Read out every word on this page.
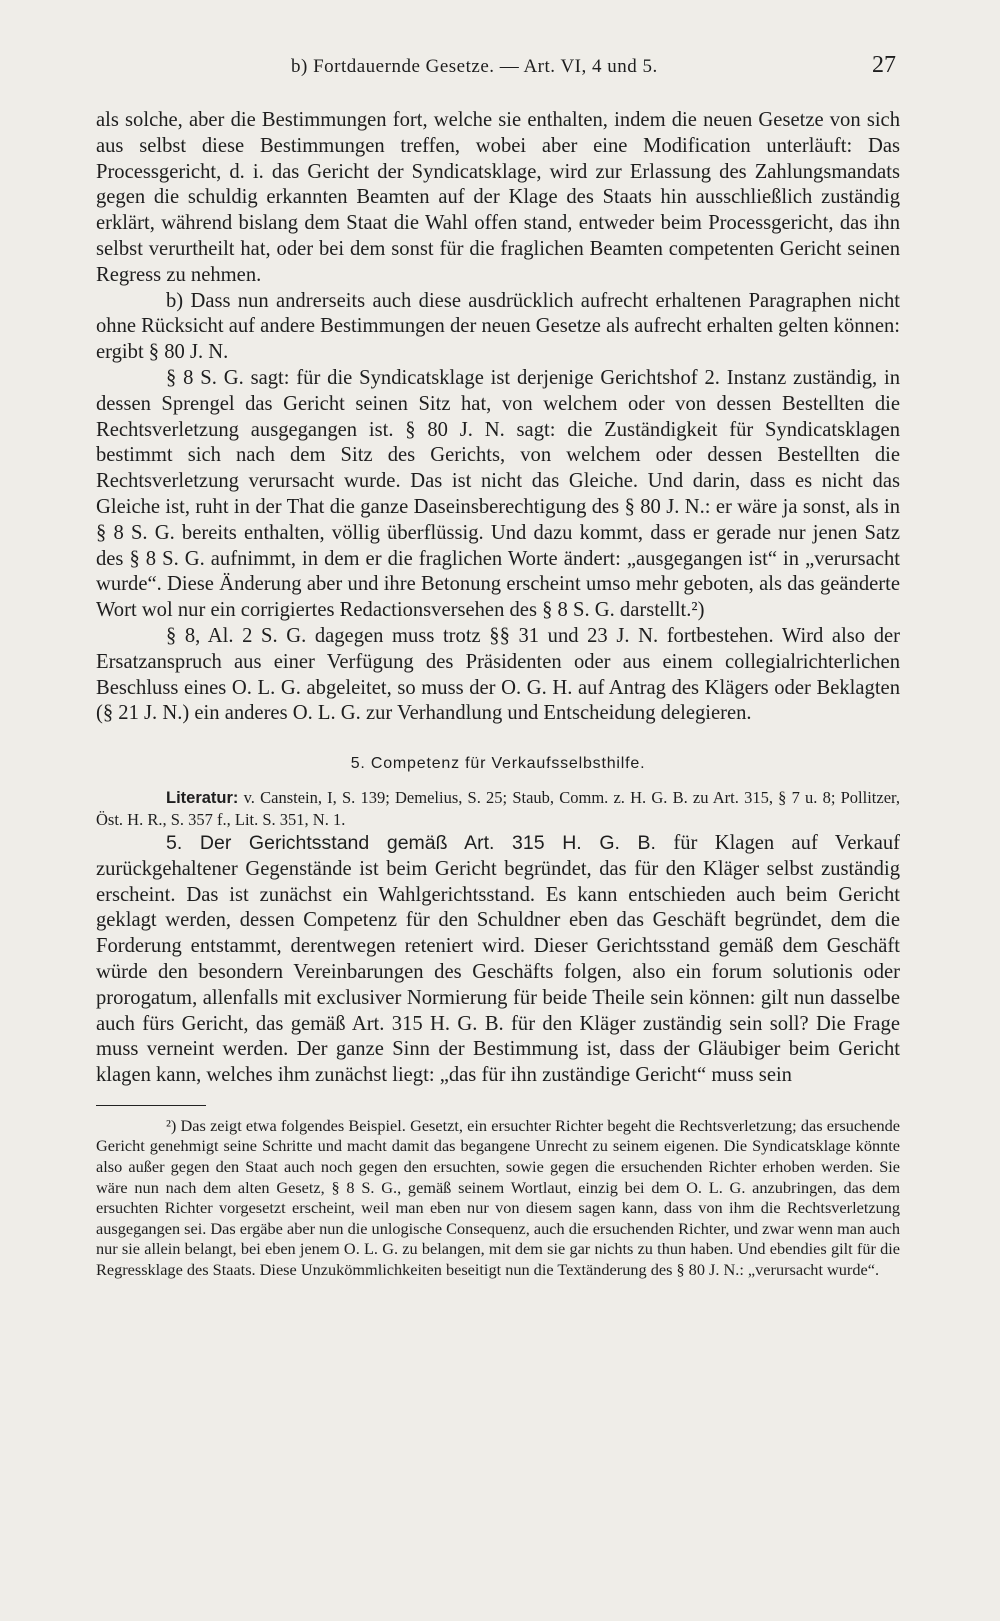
b) Fortdauernde Gesetze. — Art. VI, 4 und 5.	27

als solche, aber die Bestimmungen fort, welche sie enthalten, indem die neuen Gesetze von sich aus selbst diese Bestimmungen treffen, wobei aber eine Modification unterläuft: Das Processgericht, d. i. das Gericht der Syndicatsklage, wird zur Erlassung des Zahlungsmandats gegen die schuldig erkannten Beamten auf der Klage des Staats hin ausschließlich zuständig erklärt, während bislang dem Staat die Wahl offen stand, entweder beim Processgericht, das ihn selbst verurtheilt hat, oder bei dem sonst für die fraglichen Beamten competenten Gericht seinen Regress zu nehmen.

b) Dass nun andrerseits auch diese ausdrücklich aufrecht erhaltenen Paragraphen nicht ohne Rücksicht auf andere Bestimmungen der neuen Gesetze als aufrecht erhalten gelten können: ergibt § 80 J. N.

§ 8 S. G. sagt: für die Syndicatsklage ist derjenige Gerichtshof 2. Instanz zuständig, in dessen Sprengel das Gericht seinen Sitz hat, von welchem oder von dessen Bestellten die Rechtsverletzung ausgegangen ist. § 80 J. N. sagt: die Zuständigkeit für Syndicatsklagen bestimmt sich nach dem Sitz des Gerichts, von welchem oder dessen Bestellten die Rechtsverletzung verursacht wurde. Das ist nicht das Gleiche. Und darin, dass es nicht das Gleiche ist, ruht in der That die ganze Daseinsberechtigung des § 80 J. N.: er wäre ja sonst, als in § 8 S. G. bereits enthalten, völlig überflüssig. Und dazu kommt, dass er gerade nur jenen Satz des § 8 S. G. aufnimmt, in dem er die fraglichen Worte ändert: „ausgegangen ist“ in „verursacht wurde“. Diese Änderung aber und ihre Betonung erscheint umso mehr geboten, als das geänderte Wort wol nur ein corrigiertes Redactionsversehen des § 8 S. G. darstellt.²)

§ 8, Al. 2 S. G. dagegen muss trotz §§ 31 und 23 J. N. fortbestehen. Wird also der Ersatzanspruch aus einer Verfügung des Präsidenten oder aus einem collegialrichterlichen Beschluss eines O. L. G. abgeleitet, so muss der O. G. H. auf Antrag des Klägers oder Beklagten (§ 21 J. N.) ein anderes O. L. G. zur Verhandlung und Entscheidung delegieren.

5. Competenz für Verkaufsselbsthilfe.

Literatur: v. Canstein, I, S. 139; Demelius, S. 25; Staub, Comm. z. H. G. B. zu Art. 315, § 7 u. 8; Pollitzer, Öst. H. R., S. 357 f., Lit. S. 351, N. 1.

5. Der Gerichtsstand gemäß Art. 315 H. G. B. für Klagen auf Verkauf zurückgehaltener Gegenstände ist beim Gericht begründet, das für den Kläger selbst zuständig erscheint. Das ist zunächst ein Wahlgerichtsstand. Es kann entschieden auch beim Gericht geklagt werden, dessen Competenz für den Schuldner eben das Geschäft begründet, dem die Forderung entstammt, derentwegen reteniert wird. Dieser Gerichtsstand gemäß dem Geschäft würde den besondern Vereinbarungen des Geschäfts folgen, also ein forum solutionis oder prorogatum, allenfalls mit exclusiver Normierung für beide Theile sein können: gilt nun dasselbe auch fürs Gericht, das gemäß Art. 315 H. G. B. für den Kläger zuständig sein soll? Die Frage muss verneint werden. Der ganze Sinn der Bestimmung ist, dass der Gläubiger beim Gericht klagen kann, welches ihm zunächst liegt: „das für ihn zuständige Gericht“ muss sein

²) Das zeigt etwa folgendes Beispiel. Gesetzt, ein ersuchter Richter begeht die Rechtsverletzung; das ersuchende Gericht genehmigt seine Schritte und macht damit das begangene Unrecht zu seinem eigenen. Die Syndicatsklage könnte also außer gegen den Staat auch noch gegen den ersuchten, sowie gegen die ersuchenden Richter erhoben werden. Sie wäre nun nach dem alten Gesetz, § 8 S. G., gemäß seinem Wortlaut, einzig bei dem O. L. G. anzubringen, das dem ersuchten Richter vorgesetzt erscheint, weil man eben nur von diesem sagen kann, dass von ihm die Rechtsverletzung ausgegangen sei. Das ergäbe aber nun die unlogische Consequenz, auch die ersuchenden Richter, und zwar wenn man auch nur sie allein belangt, bei eben jenem O. L. G. zu belangen, mit dem sie gar nichts zu thun haben. Und ebendies gilt für die Regressklage des Staats. Diese Unzukömmlichkeiten beseitigt nun die Textänderung des § 80 J. N.: „verursacht wurde“.
